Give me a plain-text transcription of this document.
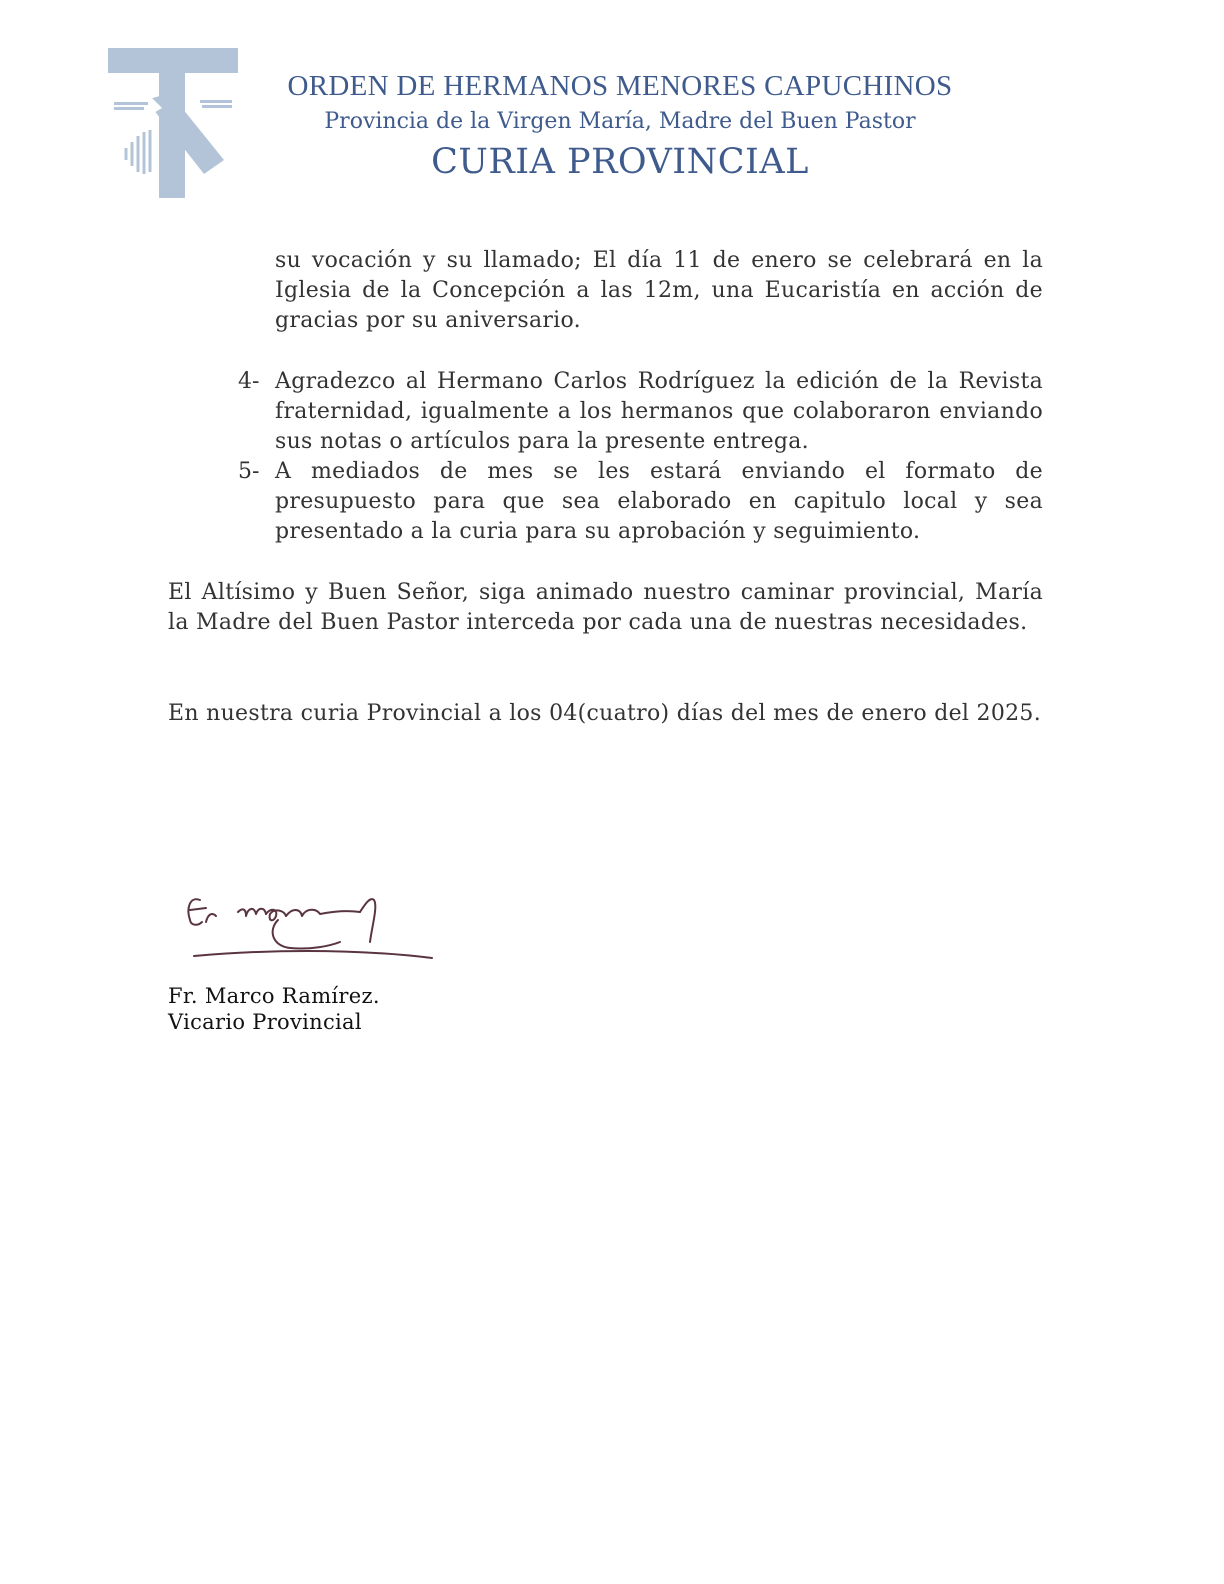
ORDEN DE HERMANOS MENORES CAPUCHINOS
Provincia de la Virgen María, Madre del Buen Pastor
CURIA PROVINCIAL
su vocación y su llamado; El día 11 de enero se celebrará en la Iglesia de la Concepción a las 12m, una Eucaristía en acción de gracias por su aniversario.
4- Agradezco al Hermano Carlos Rodríguez la edición de la Revista fraternidad, igualmente a los hermanos que colaboraron enviando sus notas o artículos para la presente entrega.
5- A mediados de mes se les estará enviando el formato de presupuesto para que sea elaborado en capitulo local y sea presentado a la curia para su aprobación y seguimiento.
El Altísimo y Buen Señor, siga animado nuestro caminar provincial, María la Madre del Buen Pastor interceda por cada una de nuestras necesidades.
En nuestra curia Provincial a los 04(cuatro) días del mes de enero del 2025.
Fr. Marco Ramírez.
Vicario Provincial
